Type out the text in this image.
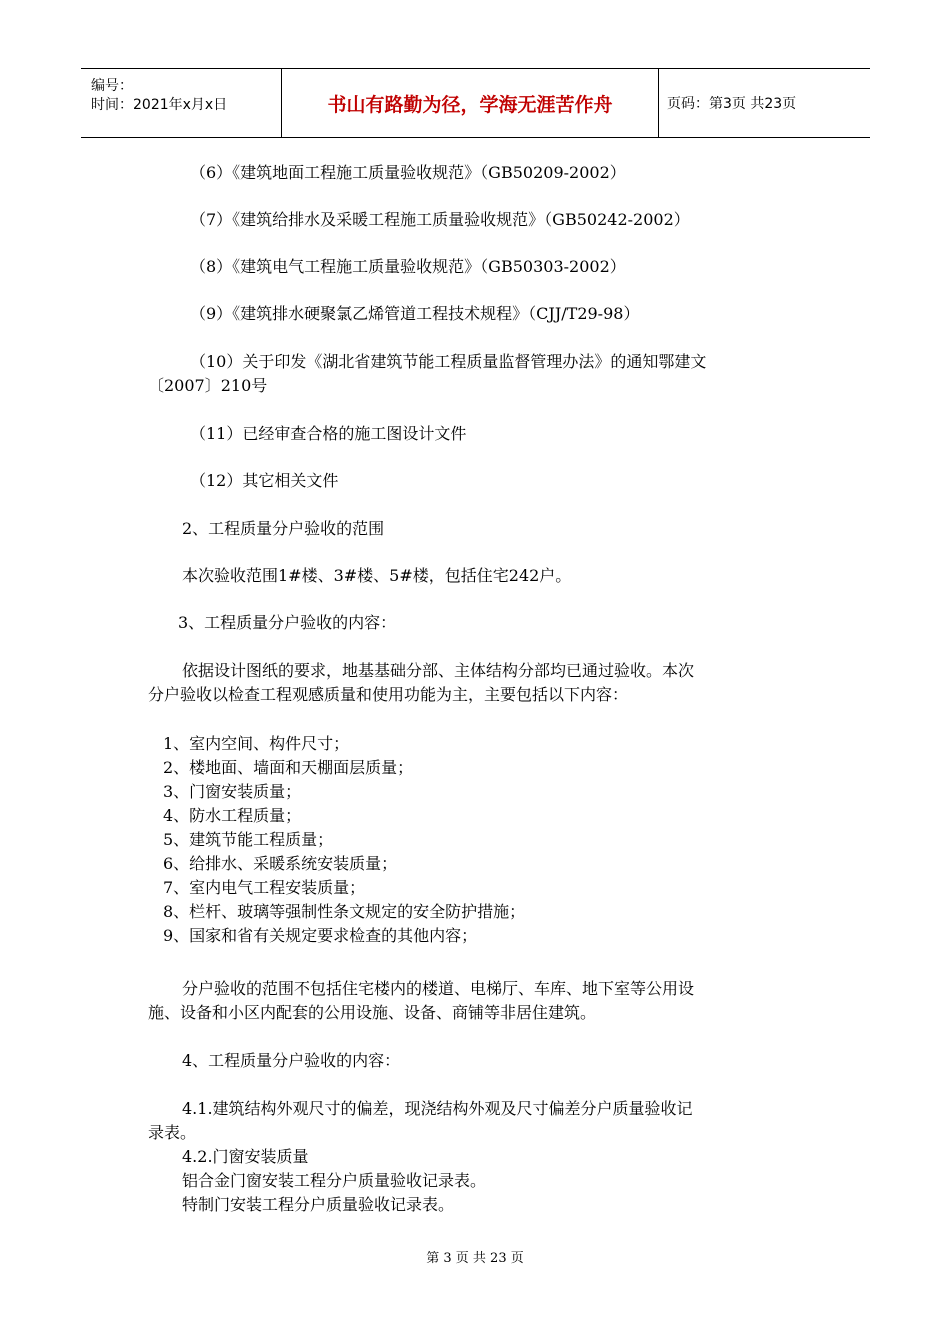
编号：
时间：2021年x月x日	书山有路勤为径，学海无涯苦作舟	页码：第3页 共23页
（6）《建筑地面工程施工质量验收规范》（GB50209-2002）
（7）《建筑给排水及采暖工程施工质量验收规范》（GB50242-2002）
（8）《建筑电气工程施工质量验收规范》（GB50303-2002）
（9）《建筑排水硬聚氯乙烯管道工程技术规程》（CJJ/T29-98）
（10）关于印发《湖北省建筑节能工程质量监督管理办法》的通知鄂建文
〔2007〕210号
（11）已经审查合格的施工图设计文件
（12）其它相关文件
2、工程质量分户验收的范围
本次验收范围1#楼、3#楼、5#楼，包括住宅242户。
3、工程质量分户验收的内容：
依据设计图纸的要求，地基基础分部、主体结构分部均已通过验收。本次
分户验收以检查工程观感质量和使用功能为主，主要包括以下内容：
1、室内空间、构件尺寸；
2、楼地面、墙面和天棚面层质量；
3、门窗安装质量；
4、防水工程质量；
5、建筑节能工程质量；
6、给排水、采暖系统安装质量；
7、室内电气工程安装质量；
8、栏杆、玻璃等强制性条文规定的安全防护措施；
9、国家和省有关规定要求检查的其他内容；
分户验收的范围不包括住宅楼内的楼道、电梯厅、车库、地下室等公用设
施、设备和小区内配套的公用设施、设备、商铺等非居住建筑。
4、工程质量分户验收的内容：
4.1.建筑结构外观尺寸的偏差，现浇结构外观及尺寸偏差分户质量验收记
录表。
4.2.门窗安装质量
铝合金门窗安装工程分户质量验收记录表。
特制门安装工程分户质量验收记录表。
第 3 页 共 23 页
